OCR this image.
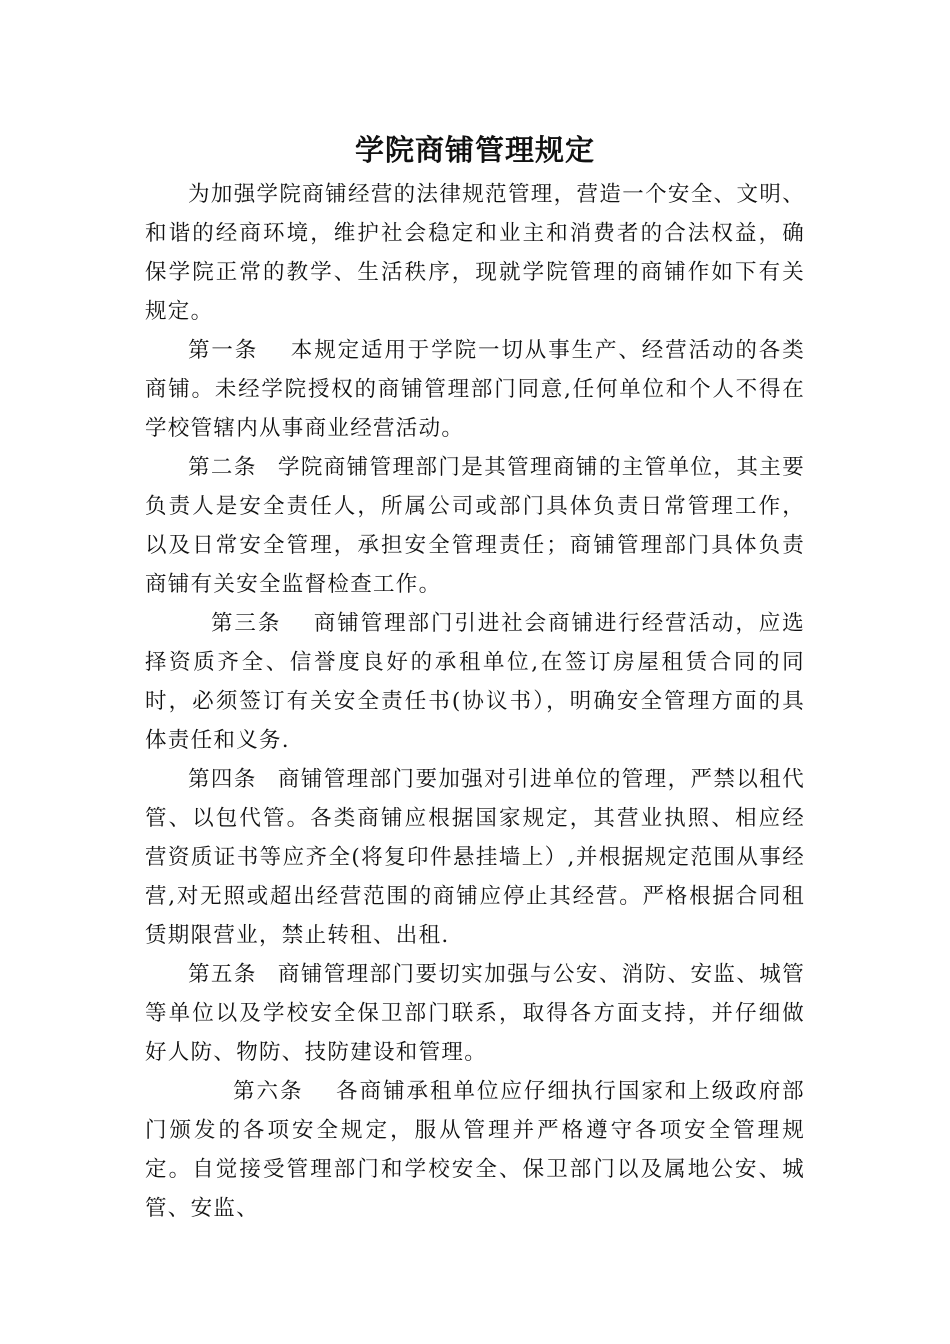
学院商铺管理规定

为加强学院商铺经营的法律规范管理，营造一个安全、文明、和谐的经商环境，维护社会稳定和业主和消费者的合法权益，确保学院正常的教学、生活秩序，现就学院管理的商铺作如下有关规定。

第一条 本规定适用于学院一切从事生产、经营活动的各类商铺。未经学院授权的商铺管理部门同意,任何单位和个人不得在学校管辖内从事商业经营活动。

第二条 学院商铺管理部门是其管理商铺的主管单位，其主要负责人是安全责任人，所属公司或部门具体负责日常管理工作，以及日常安全管理，承担安全管理责任；商铺管理部门具体负责商铺有关安全监督检查工作。

第三条 商铺管理部门引进社会商铺进行经营活动，应选择资质齐全、信誉度良好的承租单位,在签订房屋租赁合同的同时，必须签订有关安全责任书(协议书），明确安全管理方面的具体责任和义务.

第四条 商铺管理部门要加强对引进单位的管理，严禁以租代管、以包代管。各类商铺应根据国家规定，其营业执照、相应经营资质证书等应齐全(将复印件悬挂墙上）,并根据规定范围从事经营,对无照或超出经营范围的商铺应停止其经营。严格根据合同租赁期限营业，禁止转租、出租.

第五条 商铺管理部门要切实加强与公安、消防、安监、城管等单位以及学校安全保卫部门联系，取得各方面支持，并仔细做好人防、物防、技防建设和管理。

第六条 各商铺承租单位应仔细执行国家和上级政府部门颁发的各项安全规定，服从管理并严格遵守各项安全管理规定。自觉接受管理部门和学校安全、保卫部门以及属地公安、城管、安监、
